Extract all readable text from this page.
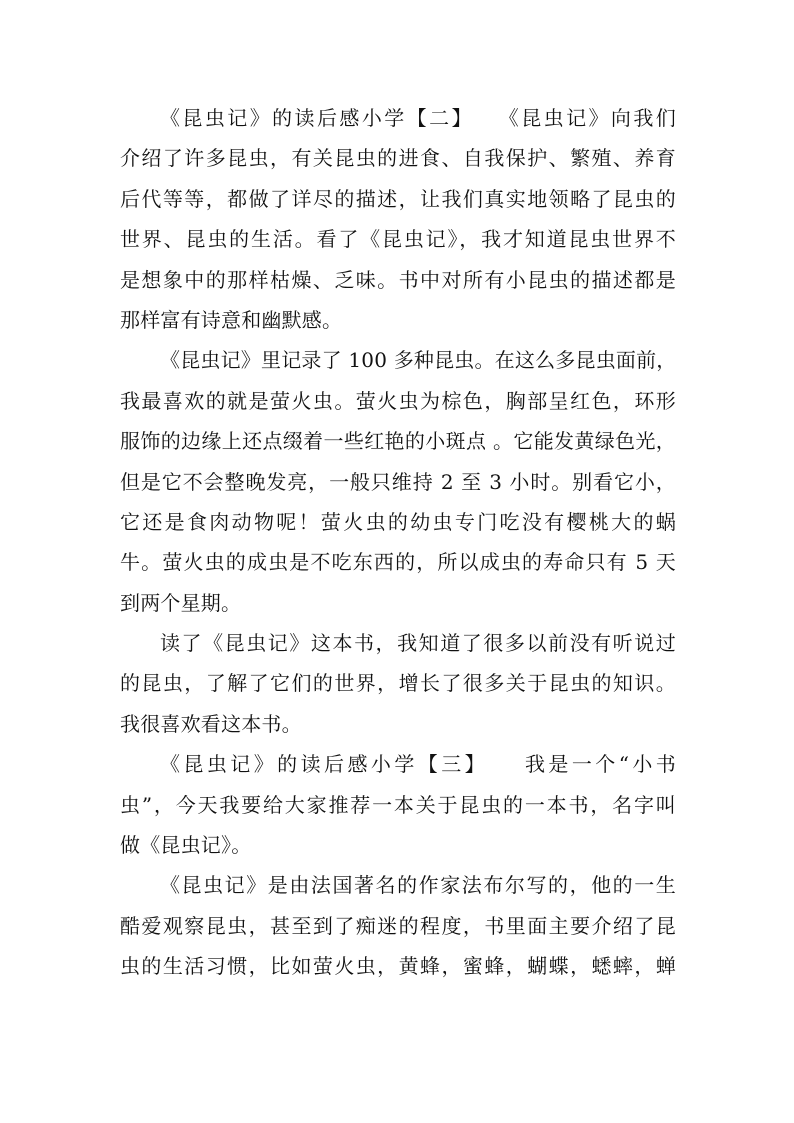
《昆虫记》的读后感小学【二】　　《昆虫记》向我们
介绍了许多昆虫，有关昆虫的进食、自我保护、繁殖、养育
后代等等，都做了详尽的描述，让我们真实地领略了昆虫的
世界、昆虫的生活。看了《昆虫记》，我才知道昆虫世界不
是想象中的那样枯燥、乏味。书中对所有小昆虫的描述都是
那样富有诗意和幽默感。
《昆虫记》里记录了 100 多种昆虫。在这么多昆虫面前，
我最喜欢的就是萤火虫。萤火虫为棕色，胸部呈红色，环形
服饰的边缘上还点缀着一些红艳的小斑点 。它能发黄绿色光，
但是它不会整晚发亮，一般只维持 2 至 3 小时。别看它小，
它还是食肉动物呢！萤火虫的幼虫专门吃没有樱桃大的蜗
牛。萤火虫的成虫是不吃东西的，所以成虫的寿命只有 5 天
到两个星期。
读了《昆虫记》这本书，我知道了很多以前没有听说过
的昆虫，了解了它们的世界，增长了很多关于昆虫的知识。
我很喜欢看这本书。
《昆虫记》的读后感小学【三】　　我是一个“小书
虫”，今天我要给大家推荐一本关于昆虫的一本书，名字叫
做《昆虫记》。
《昆虫记》是由法国著名的作家法布尔写的，他的一生
酷爱观察昆虫，甚至到了痴迷的程度，书里面主要介绍了昆
虫的生活习惯，比如萤火虫，黄蜂，蜜蜂，蝴蝶，蟋蟀，蝉
